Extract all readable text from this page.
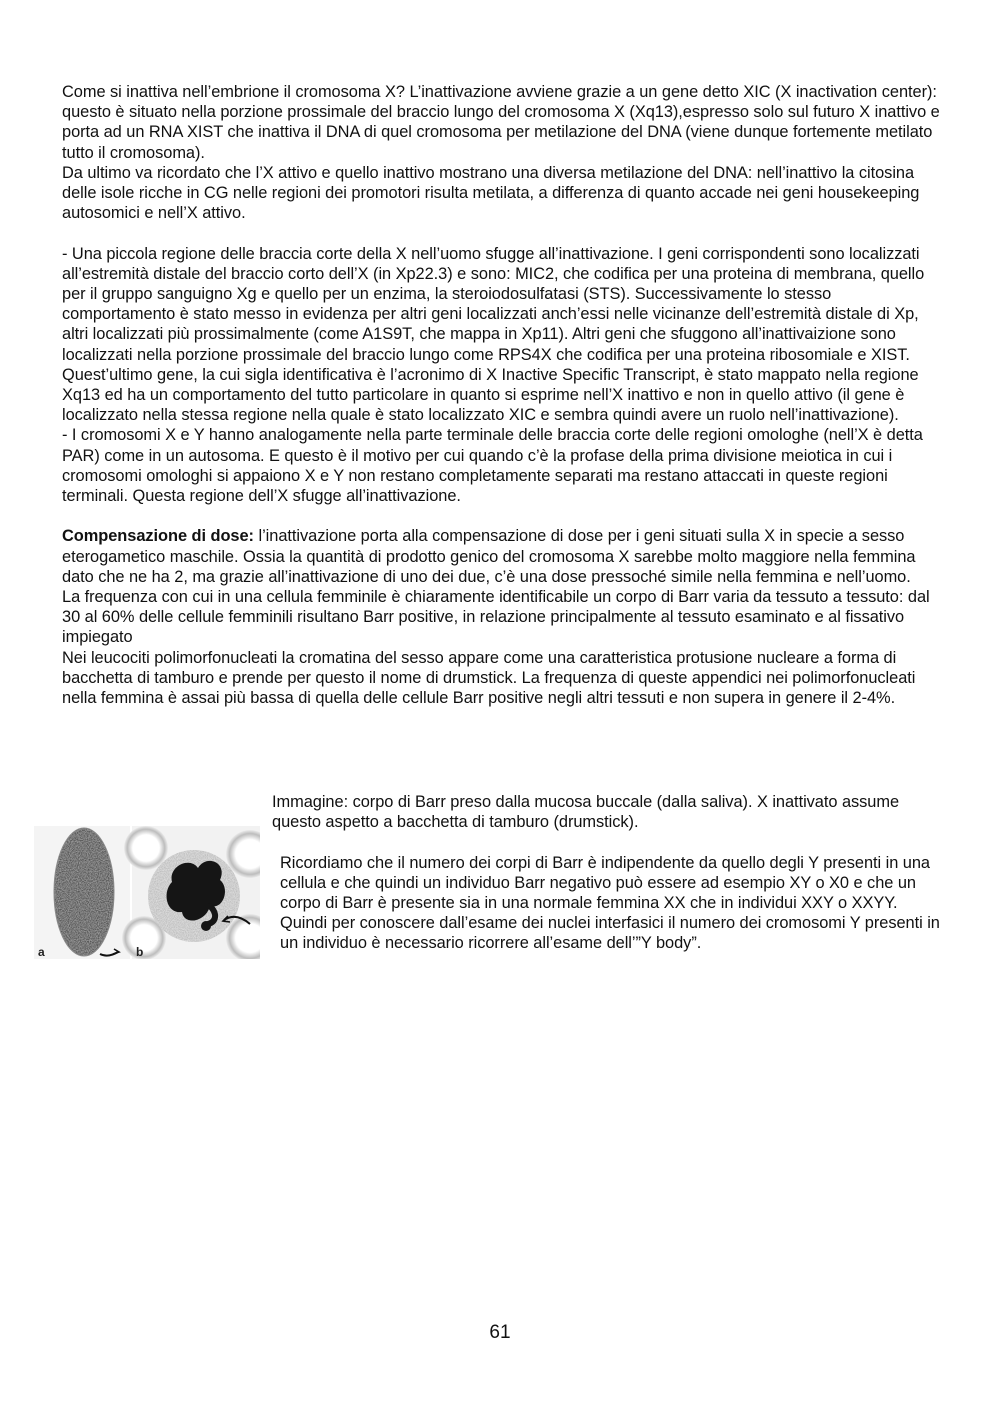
Come si inattiva nell’embrione il cromosoma X? L’inattivazione avviene grazie a un gene detto XIC (X inactivation center): questo è situato nella porzione prossimale del braccio lungo del cromosoma X (Xq13),espresso solo sul futuro X inattivo e porta ad un RNA XIST che inattiva il DNA di quel cromosoma per metilazione del DNA (viene dunque fortemente metilato tutto il cromosoma).

Da ultimo va ricordato che l’X attivo e quello inattivo mostrano una diversa metilazione del DNA: nell’inattivo la citosina delle isole ricche in CG nelle regioni dei promotori risulta metilata, a differenza di quanto accade nei geni housekeeping autosomici e nell’X attivo.

- Una piccola regione delle braccia corte della X nell’uomo sfugge all’inattivazione. I geni corrispondenti sono localizzati all’estremità distale del braccio corto dell’X (in Xp22.3) e sono: MIC2, che codifica per una proteina di membrana, quello per il gruppo sanguigno Xg e quello per un enzima, la steroiodosulfatasi (STS). Successivamente lo stesso comportamento è stato messo in evidenza per altri geni localizzati anch’essi nelle vicinanze dell’estremità distale di Xp, altri localizzati più prossimalmente (come A1S9T, che mappa in Xp11). Altri geni che sfuggono all’inattivaizione sono localizzati nella porzione prossimale del braccio lungo come RPS4X che codifica per una proteina ribosomiale e XIST. Quest’ultimo gene, la cui sigla identificativa è l’acronimo di X Inactive Specific Transcript, è stato mappato nella regione Xq13 ed ha un comportamento del tutto particolare in quanto si esprime nell’X inattivo e non in quello attivo (il gene è localizzato nella stessa regione nella quale è stato localizzato XIC e sembra quindi avere un ruolo nell’inattivazione).

- I cromosomi X e Y hanno analogamente nella parte terminale delle braccia corte delle regioni omologhe (nell’X è detta PAR) come in un autosoma. E questo è il motivo per cui quando c’è la profase della prima divisione meiotica in cui i cromosomi omologhi si appaiono X e Y non restano completamente separati ma restano attaccati in queste regioni terminali. Questa regione dell’X sfugge all’inattivazione.

Compensazione di dose: l’inattivazione porta alla compensazione di dose per i geni situati sulla X in specie a sesso eterogametico maschile. Ossia la quantità di prodotto genico del cromosoma X sarebbe molto maggiore nella femmina dato che ne ha 2, ma grazie all’inattivazione di uno dei due, c’è una dose pressoché simile nella femmina e nell’uomo.

La frequenza con cui in una cellula femminile è chiaramente identificabile un corpo di Barr varia da tessuto a tessuto: dal 30 al 60% delle cellule femminili risultano Barr positive, in relazione principalmente al tessuto esaminato e al fissativo impiegato

Nei leucociti polimorfonucleati la cromatina del sesso appare come una caratteristica protusione nucleare a forma di bacchetta di tamburo e prende per questo il nome di drumstick. La frequenza di queste appendici nei polimorfonucleati nella femmina è assai più bassa di quella delle cellule Barr positive negli altri tessuti e non supera in genere il 2-4%.

a	b

Immagine: corpo di Barr preso dalla mucosa buccale (dalla saliva). X inattivato assume questo aspetto a bacchetta di tamburo (drumstick).

Ricordiamo che il numero dei corpi di Barr è indipendente da quello degli Y presenti in una cellula e che quindi un individuo Barr negativo può essere ad esempio XY o X0 e che un corpo di Barr è presente sia in una normale femmina XX che in individui XXY o XXYY. Quindi per conoscere dall’esame dei nuclei interfasici il numero dei cromosomi Y presenti in un individuo è necessario ricorrere all’esame dell’”Y body”.

61
